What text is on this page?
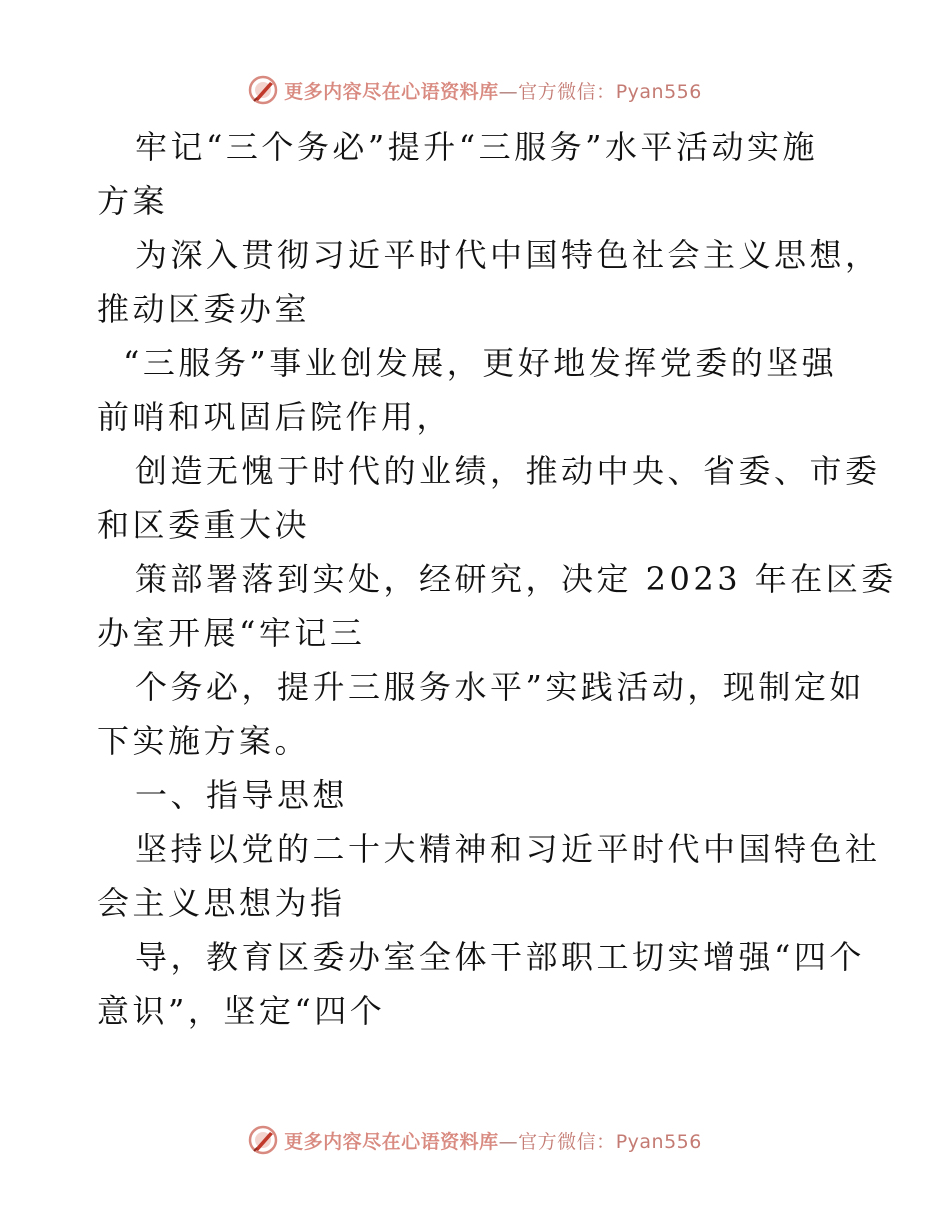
更多内容尽在心语资料库—官方微信：Pyan556
牢记“三个务必”提升“三服务”水平活动实施
方案
为深入贯彻习近平时代中国特色社会主义思想，
推动区委办室
“三服务”事业创发展，更好地发挥党委的坚强
前哨和巩固后院作用，
创造无愧于时代的业绩，推动中央、省委、市委
和区委重大决
策部署落到实处，经研究，决定 2023 年在区委
办室开展“牢记三
个务必，提升三服务水平”实践活动，现制定如
下实施方案。
一、指导思想
坚持以党的二十大精神和习近平时代中国特色社
会主义思想为指
导，教育区委办室全体干部职工切实增强“四个
意识”，坚定“四个
更多内容尽在心语资料库—官方微信：Pyan556
